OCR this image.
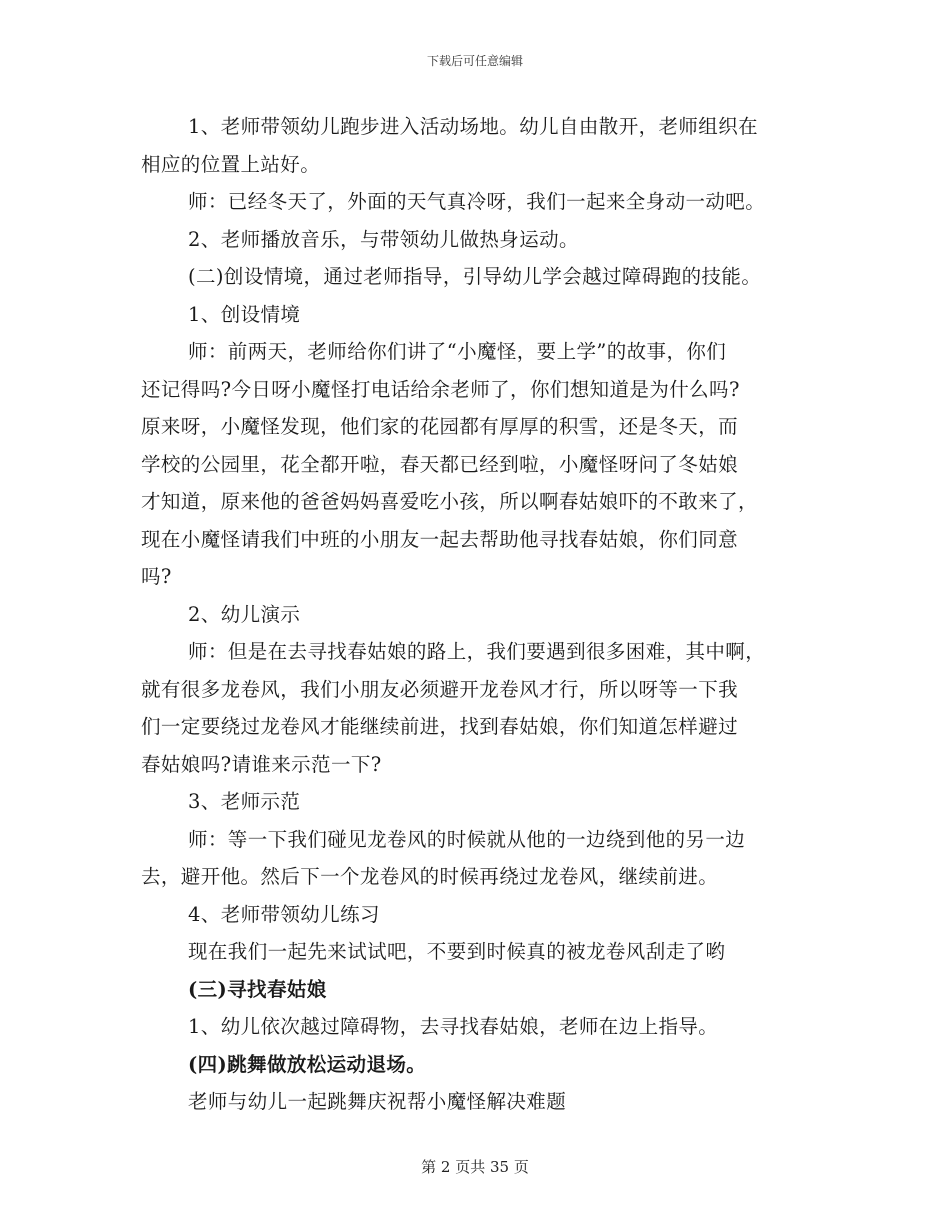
下载后可任意编辑

1、老师带领幼儿跑步进入活动场地。幼儿自由散开，老师组织在

相应的位置上站好。

师：已经冬天了，外面的天气真冷呀，我们一起来全身动一动吧。

2、老师播放音乐，与带领幼儿做热身运动。

(二)创设情境，通过老师指导，引导幼儿学会越过障碍跑的技能。

1、创设情境

师：前两天，老师给你们讲了“小魔怪，要上学”的故事，你们

还记得吗?今日呀小魔怪打电话给余老师了，你们想知道是为什么吗?

原来呀，小魔怪发现，他们家的花园都有厚厚的积雪，还是冬天，而

学校的公园里，花全都开啦，春天都已经到啦，小魔怪呀问了冬姑娘

才知道，原来他的爸爸妈妈喜爱吃小孩，所以啊春姑娘吓的不敢来了，

现在小魔怪请我们中班的小朋友一起去帮助他寻找春姑娘，你们同意

吗?

2、幼儿演示

师：但是在去寻找春姑娘的路上，我们要遇到很多困难，其中啊，

就有很多龙卷风，我们小朋友必须避开龙卷风才行，所以呀等一下我

们一定要绕过龙卷风才能继续前进，找到春姑娘，你们知道怎样避过

春姑娘吗?请谁来示范一下?

3、老师示范

师：等一下我们碰见龙卷风的时候就从他的一边绕到他的另一边

去，避开他。然后下一个龙卷风的时候再绕过龙卷风，继续前进。

4、老师带领幼儿练习

现在我们一起先来试试吧，不要到时候真的被龙卷风刮走了哟

(三)寻找春姑娘

1、幼儿依次越过障碍物，去寻找春姑娘，老师在边上指导。

(四)跳舞做放松运动退场。

老师与幼儿一起跳舞庆祝帮小魔怪解决难题

第 2 页共 35 页
